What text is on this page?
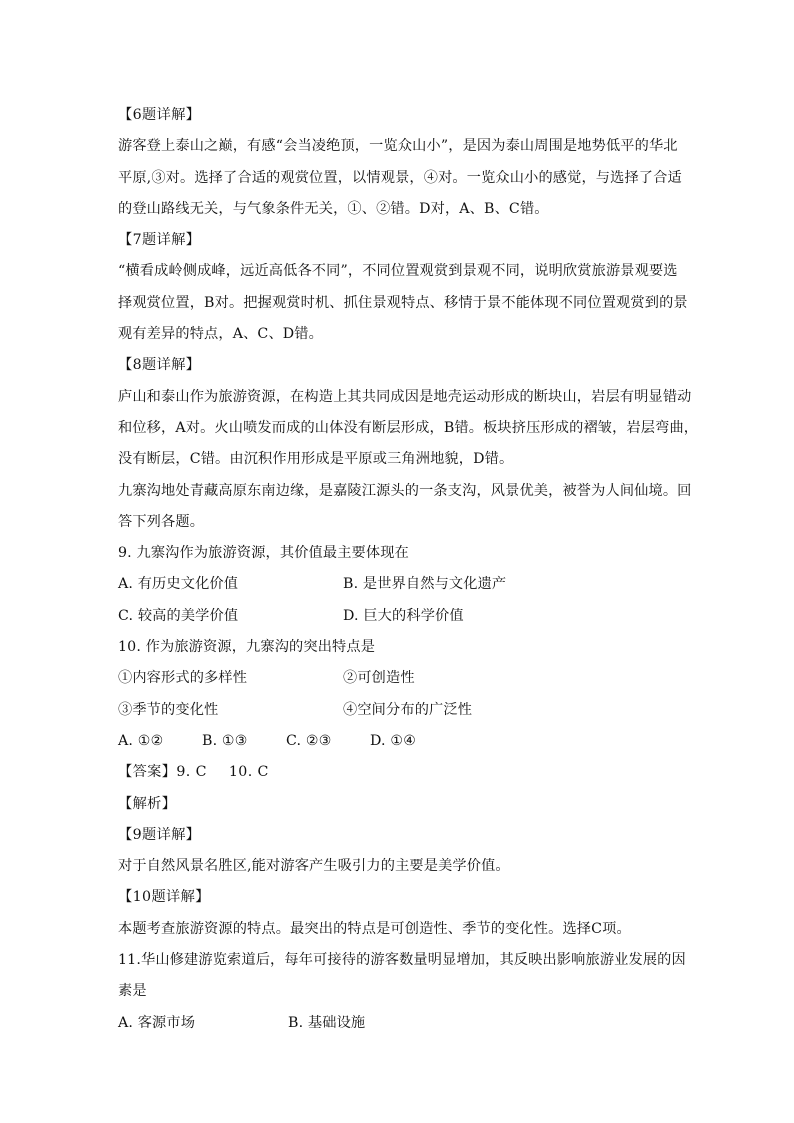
【6题详解】
游客登上泰山之巅，有感“会当凌绝顶，一览众山小”，是因为泰山周围是地势低平的华北
平原,③对。选择了合适的观赏位置，以情观景，④对。一览众山小的感觉，与选择了合适
的登山路线无关，与气象条件无关，①、②错。D对，A、B、C错。
【7题详解】
“横看成岭侧成峰，远近高低各不同”，不同位置观赏到景观不同，说明欣赏旅游景观要选
择观赏位置，B对。把握观赏时机、抓住景观特点、移情于景不能体现不同位置观赏到的景
观有差异的特点，A、C、D错。
【8题详解】
庐山和泰山作为旅游资源，在构造上其共同成因是地壳运动形成的断块山，岩层有明显错动
和位移，A对。火山喷发而成的山体没有断层形成，B错。板块挤压形成的褶皱，岩层弯曲，
没有断层，C错。由沉积作用形成是平原或三角洲地貌，D错。
九寨沟地处青藏高原东南边缘，是嘉陵江源头的一条支沟，风景优美，被誉为人间仙境。回
答下列各题。
9. 九寨沟作为旅游资源，其价值最主要体现在
A. 有历史文化价值	B. 是世界自然与文化遗产
C. 较高的美学价值	D. 巨大的科学价值
10. 作为旅游资源，九寨沟的突出特点是
①内容形式的多样性	②可创造性
③季节的变化性	④空间分布的广泛性
A. ①②	B. ①③	C. ②③	D. ①④
【答案】9. C 10. C
【解析】
【9题详解】
对于自然风景名胜区,能对游客产生吸引力的主要是美学价值。
【10题详解】
本题考查旅游资源的特点。最突出的特点是可创造性、季节的变化性。选择C项。
11.华山修建游览索道后，每年可接待的游客数量明显增加，其反映出影响旅游业发展的因
素是
A. 客源市场	B. 基础设施
